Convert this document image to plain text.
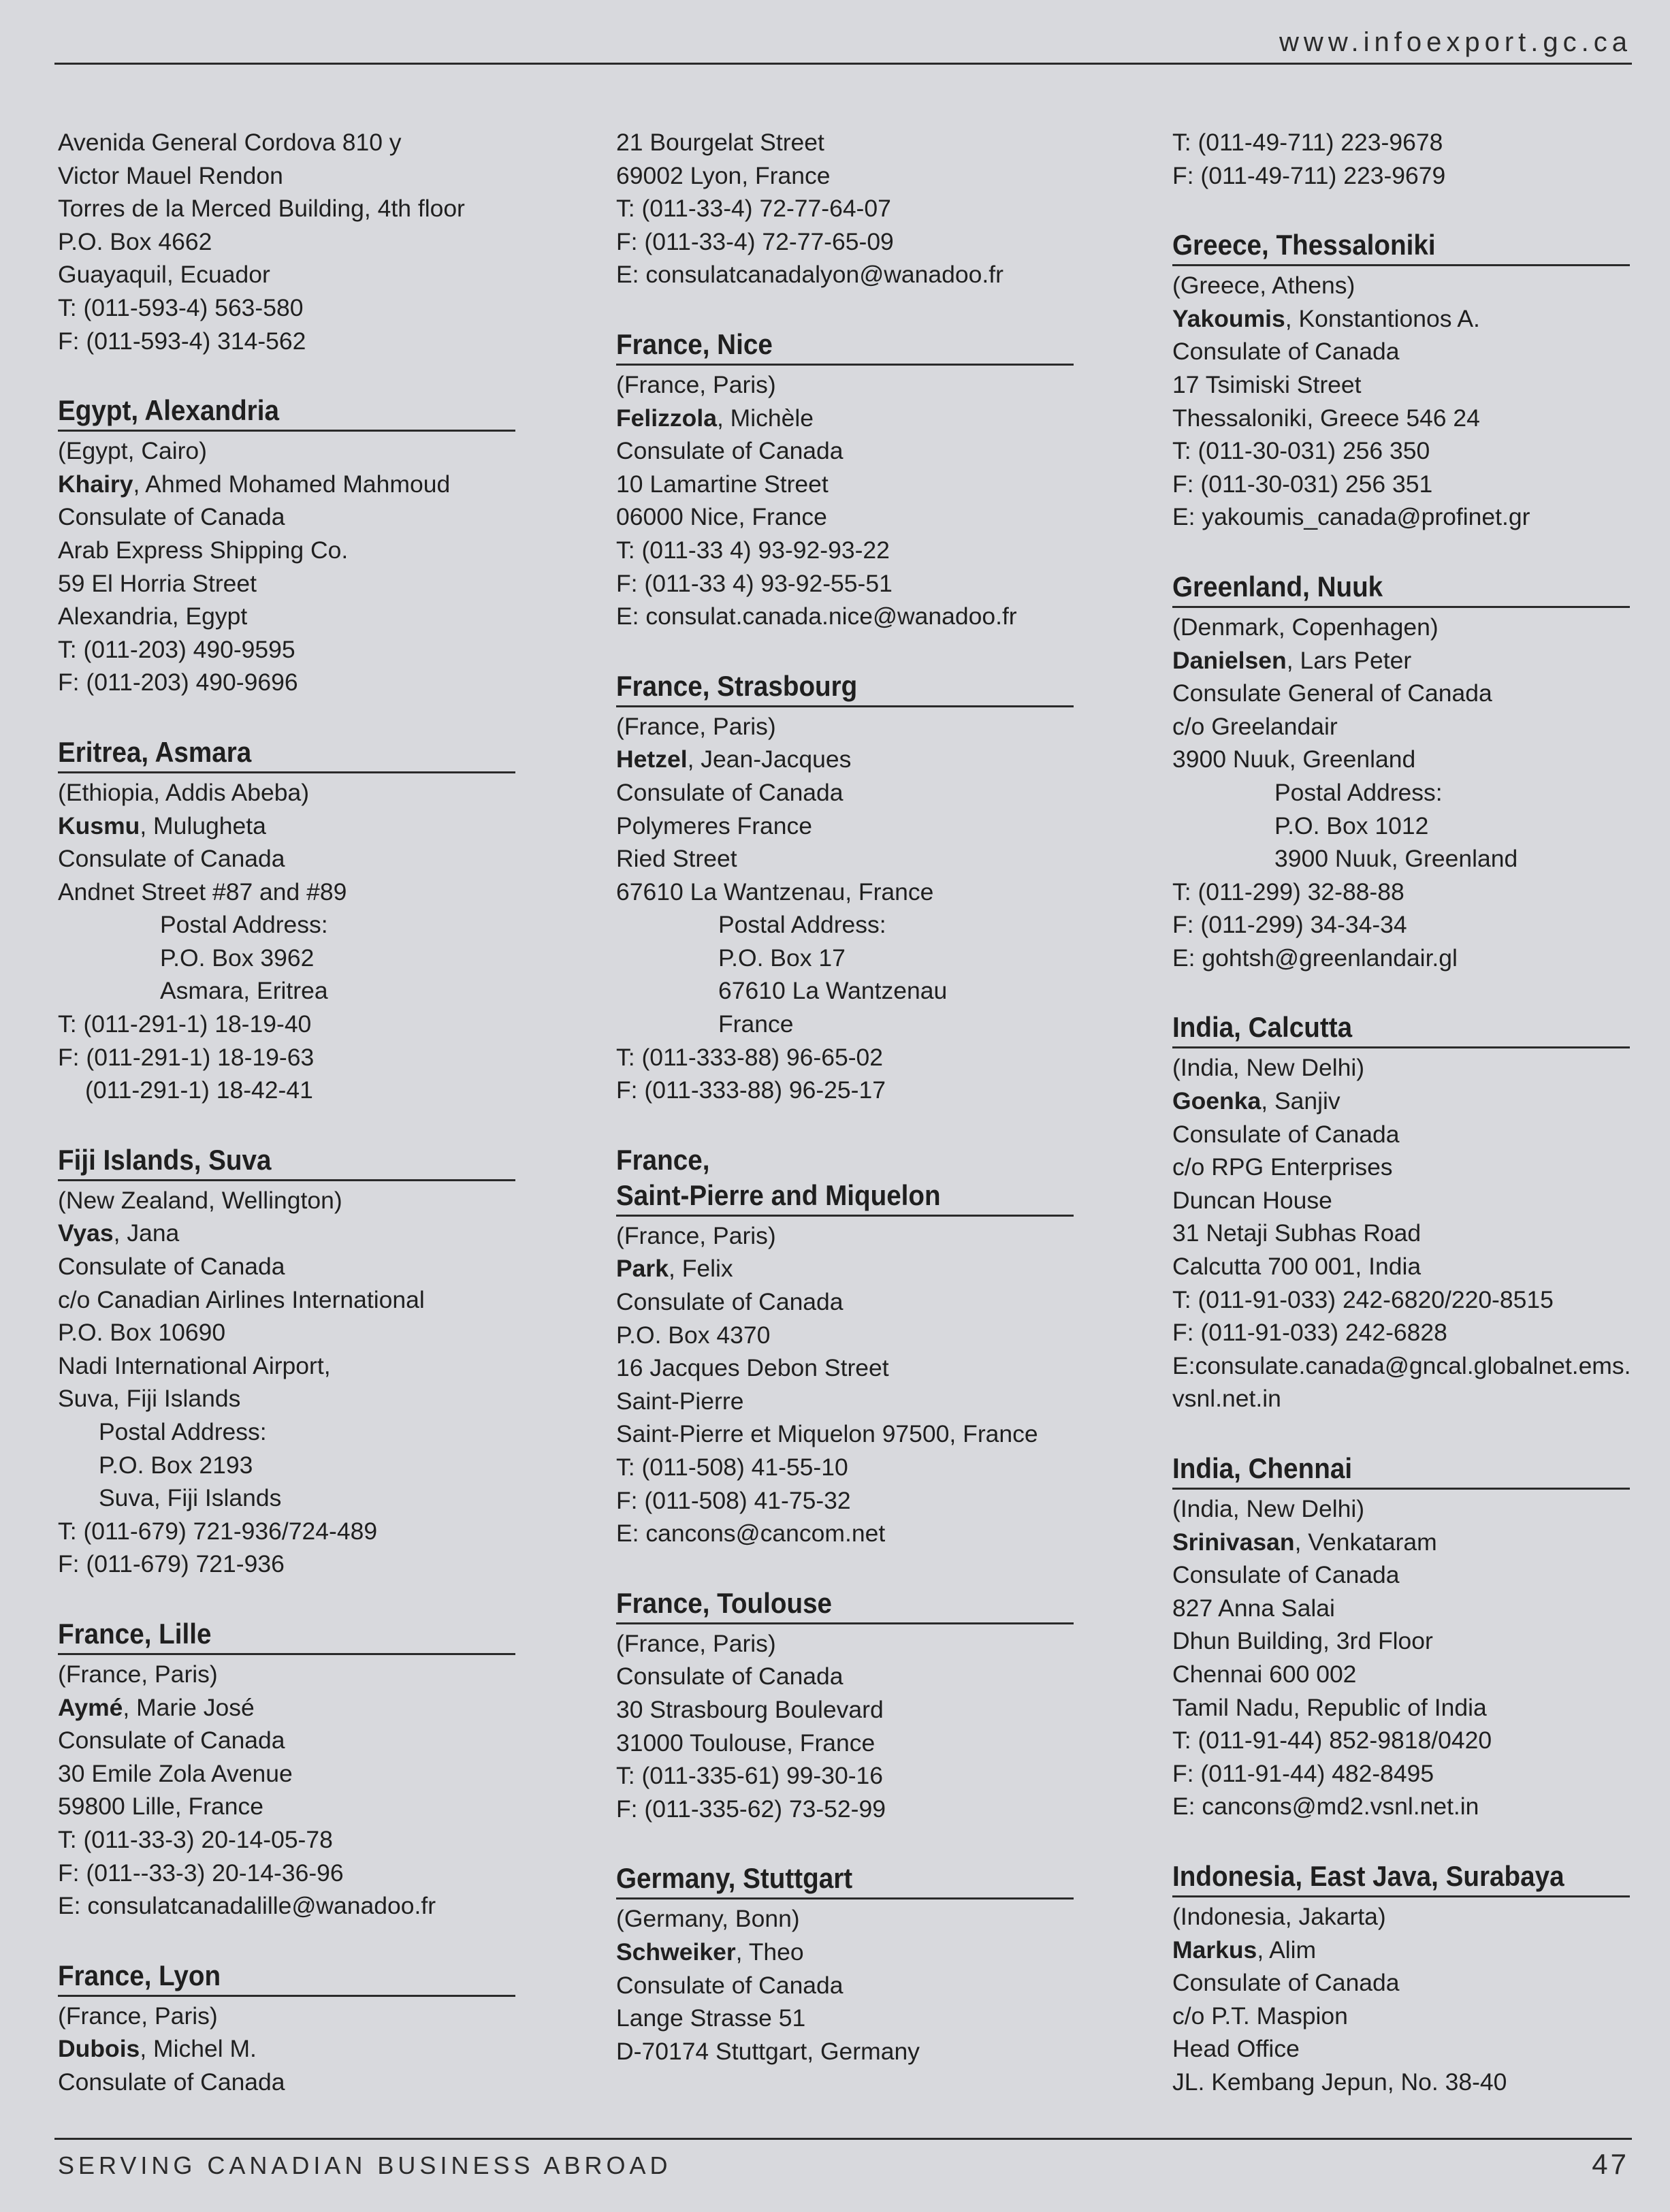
www.infoexport.gc.ca
Avenida General Cordova 810 y
Victor Mauel Rendon
Torres de la Merced Building, 4th floor
P.O. Box 4662
Guayaquil, Ecuador
T: (011-593-4) 563-580
F: (011-593-4) 314-562
Egypt, Alexandria
(Egypt, Cairo)
Khairy, Ahmed Mohamed Mahmoud
Consulate of Canada
Arab Express Shipping Co.
59 El Horria Street
Alexandria, Egypt
T: (011-203) 490-9595
F: (011-203) 490-9696
Eritrea, Asmara
(Ethiopia, Addis Abeba)
Kusmu, Mulugheta
Consulate of Canada
Andnet Street #87 and #89
Postal Address:
P.O. Box 3962
Asmara, Eritrea
T: (011-291-1) 18-19-40
F: (011-291-1) 18-19-63
(011-291-1) 18-42-41
Fiji Islands, Suva
(New Zealand, Wellington)
Vyas, Jana
Consulate of Canada
c/o Canadian Airlines International
P.O. Box 10690
Nadi International Airport,
Suva, Fiji Islands
Postal Address:
P.O. Box 2193
Suva, Fiji Islands
T: (011-679) 721-936/724-489
F: (011-679) 721-936
France, Lille
(France, Paris)
Aymé, Marie José
Consulate of Canada
30 Emile Zola Avenue
59800 Lille, France
T: (011-33-3) 20-14-05-78
F: (011--33-3) 20-14-36-96
E: consulatcanadalille@wanadoo.fr
France, Lyon
(France, Paris)
Dubois, Michel M.
Consulate of Canada
21 Bourgelat Street
69002 Lyon, France
T: (011-33-4) 72-77-64-07
F: (011-33-4) 72-77-65-09
E: consulatcanadalyon@wanadoo.fr
France, Nice
(France, Paris)
Felizzola, Michèle
Consulate of Canada
10 Lamartine Street
06000 Nice, France
T: (011-33 4) 93-92-93-22
F: (011-33 4) 93-92-55-51
E: consulat.canada.nice@wanadoo.fr
France, Strasbourg
(France, Paris)
Hetzel, Jean-Jacques
Consulate of Canada
Polymeres France
Ried Street
67610 La Wantzenau, France
Postal Address:
P.O. Box 17
67610 La Wantzenau
France
T: (011-333-88) 96-65-02
F: (011-333-88) 96-25-17
France,
Saint-Pierre and Miquelon
(France, Paris)
Park, Felix
Consulate of Canada
P.O. Box 4370
16 Jacques Debon Street
Saint-Pierre
Saint-Pierre et Miquelon 97500, France
T: (011-508) 41-55-10
F: (011-508) 41-75-32
E: cancons@cancom.net
France, Toulouse
(France, Paris)
Consulate of Canada
30 Strasbourg Boulevard
31000 Toulouse, France
T: (011-335-61) 99-30-16
F: (011-335-62) 73-52-99
Germany, Stuttgart
(Germany, Bonn)
Schweiker, Theo
Consulate of Canada
Lange Strasse 51
D-70174 Stuttgart, Germany
T: (011-49-711) 223-9678
F: (011-49-711) 223-9679
Greece, Thessaloniki
(Greece, Athens)
Yakoumis, Konstantionos A.
Consulate of Canada
17 Tsimiski Street
Thessaloniki, Greece 546 24
T: (011-30-031) 256 350
F: (011-30-031) 256 351
E: yakoumis_canada@profinet.gr
Greenland, Nuuk
(Denmark, Copenhagen)
Danielsen, Lars Peter
Consulate General of Canada
c/o Greelandair
3900 Nuuk, Greenland
Postal Address:
P.O. Box 1012
3900 Nuuk, Greenland
T: (011-299) 32-88-88
F: (011-299) 34-34-34
E: gohtsh@greenlandair.gl
India, Calcutta
(India, New Delhi)
Goenka, Sanjiv
Consulate of Canada
c/o RPG Enterprises
Duncan House
31 Netaji Subhas Road
Calcutta 700 001, India
T: (011-91-033) 242-6820/220-8515
F: (011-91-033) 242-6828
E:consulate.canada@gncal.globalnet.ems.
vsnl.net.in
India, Chennai
(India, New Delhi)
Srinivasan, Venkataram
Consulate of Canada
827 Anna Salai
Dhun Building, 3rd Floor
Chennai 600 002
Tamil Nadu, Republic of India
T: (011-91-44) 852-9818/0420
F: (011-91-44) 482-8495
E: cancons@md2.vsnl.net.in
Indonesia, East Java, Surabaya
(Indonesia, Jakarta)
Markus, Alim
Consulate of Canada
c/o P.T. Maspion
Head Office
JL. Kembang Jepun, No. 38-40
SERVING CANADIAN BUSINESS ABROAD	47
